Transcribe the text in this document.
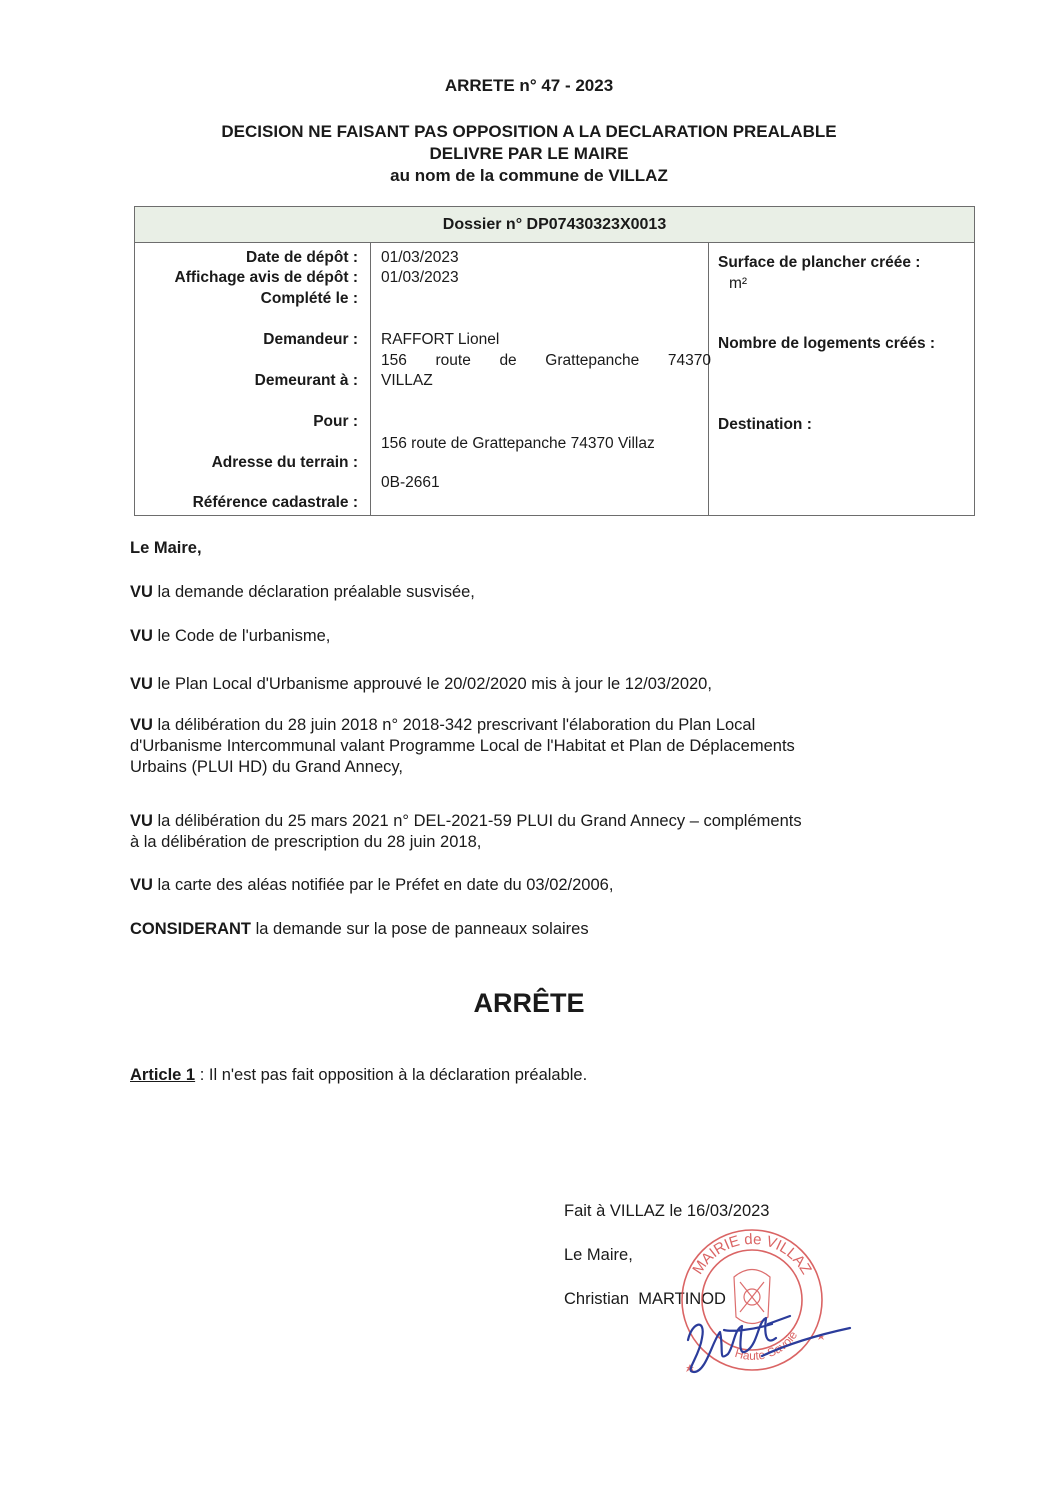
ARRETE n° 47 - 2023
DECISION NE FAISANT PAS OPPOSITION A LA DECLARATION PREALABLE
DELIVRE PAR LE MAIRE
au nom de la commune de VILLAZ
Dossier n° DP07430323X0013
Date de dépôt :
Affichage avis de dépôt :
Complété le :
Demandeur :
Demeurant à :
Pour :
Adresse du terrain :
Référence cadastrale :
01/03/2023
01/03/2023
RAFFORT Lionel
156 route de Grattepanche 74370
VILLAZ
156 route de Grattepanche 74370 Villaz
0B-2661
Surface de plancher créée :
m²
Nombre de logements créés :
Destination :
Le Maire,
VU la demande déclaration préalable susvisée,
VU le Code de l'urbanisme,
VU le Plan Local d'Urbanisme approuvé le 20/02/2020 mis à jour le 12/03/2020,
VU la délibération du 28 juin 2018 n° 2018-342 prescrivant l'élaboration du Plan Local
d'Urbanisme Intercommunal valant Programme Local de l'Habitat et Plan de Déplacements
Urbains (PLUI HD) du Grand Annecy,
VU la délibération du 25 mars 2021 n° DEL-2021-59 PLUI du Grand Annecy – compléments
à la délibération de prescription du 28 juin 2018,
VU la carte des aléas notifiée par le Préfet en date du 03/02/2006,
CONSIDERANT la demande sur la pose de panneaux solaires
ARRÊTE
Article 1 : Il n'est pas fait opposition à la déclaration préalable.
Fait à VILLAZ le 16/03/2023
Le Maire,
Christian  MARTINOD
MAIRIE de VILLAZ
Haute-Savoie
